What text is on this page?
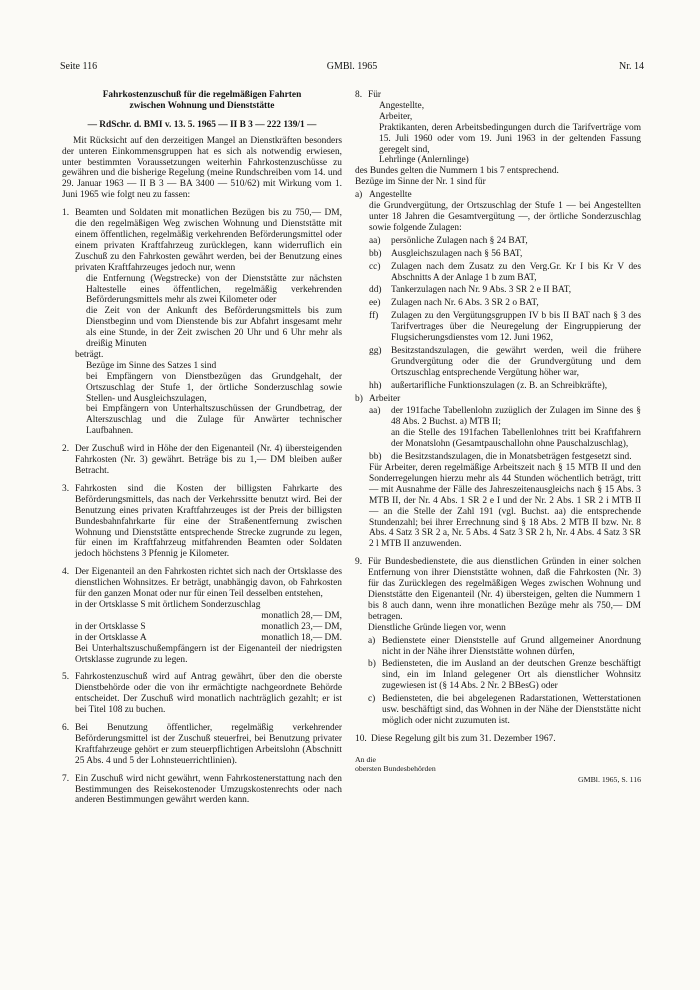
Seite 116	GMBl. 1965	Nr. 14
Fahrkostenzuschuß für die regelmäßigen Fahrten
zwischen Wohnung und Dienststätte
— RdSchr. d. BMI v. 13. 5. 1965 — II B 3 — 222 139/1 —

Mit Rücksicht auf den derzeitigen Mangel an Dienstkräften besonders der unteren Einkommensgruppen hat es sich als notwendig erwiesen, unter bestimmten Voraussetzungen weiterhin Fahrkostenzuschüsse zu gewähren und die bisherige Regelung (meine Rundschreiben vom 14. und 29. Januar 1963 — II B 3 — BA 3400 — 510/62) mit Wirkung vom 1. Juni 1965 wie folgt neu zu fassen:

1. Beamten und Soldaten mit monatlichen Bezügen bis zu 750,— DM, die den regelmäßigen Weg zwischen Wohnung und Dienststätte mit einem öffentlichen, regelmäßig verkehrenden Beförderungsmittel oder einem privaten Kraftfahrzeug zurücklegen, kann widerruflich ein Zuschuß zu den Fahrkosten gewährt werden, bei der Benutzung eines privaten Kraftfahrzeuges jedoch nur, wenn

die Entfernung (Wegstrecke) von der Dienststätte zur nächsten Haltestelle eines öffentlichen, regelmäßig verkehrenden Beförderungsmittels mehr als zwei Kilometer oder

die Zeit von der Ankunft des Beförderungsmittels bis zum Dienstbeginn und vom Dienstende bis zur Abfahrt insgesamt mehr als eine Stunde, in der Zeit zwischen 20 Uhr und 6 Uhr mehr als dreißig Minuten

beträgt.

Bezüge im Sinne des Satzes 1 sind

bei Empfängern von Dienstbezügen das Grundgehalt, der Ortszuschlag der Stufe 1, der örtliche Sonderzuschlag sowie Stellen- und Ausgleichszulagen,

bei Empfängern von Unterhaltszuschüssen der Grundbetrag, der Alterszuschlag und die Zulage für Anwärter technischer Laufbahnen.

2. Der Zuschuß wird in Höhe der den Eigenanteil (Nr. 4) übersteigenden Fahrkosten (Nr. 3) gewährt. Beträge bis zu 1,— DM bleiben außer Betracht.

3. Fahrkosten sind die Kosten der billigsten Fahrkarte des Beförderungsmittels, das nach der Verkehrssitte benutzt wird. Bei der Benutzung eines privaten Kraftfahrzeuges ist der Preis der billigsten Bundesbahnfahrkarte für eine der Straßenentfernung zwischen Wohnung und Dienststätte entsprechende Strecke zugrunde zu legen, für einen im Kraftfahrzeug mitfahrenden Beamten oder Soldaten jedoch höchstens 3 Pfennig je Kilometer.

4. Der Eigenanteil an den Fahrkosten richtet sich nach der Ortsklasse des dienstlichen Wohnsitzes. Er beträgt, unabhängig davon, ob Fahrkosten für den ganzen Monat oder nur für einen Teil desselben entstehen,

in der Ortsklasse S mit örtlichem Sonderzuschlag

monatlich 28,— DM,
in der Ortsklasse S	monatlich 23,— DM,
in der Ortsklasse A	monatlich 18,— DM.

Bei Unterhaltszuschußempfängern ist der Eigenanteil der niedrigsten Ortsklasse zugrunde zu legen.

5. Fahrkostenzuschuß wird auf Antrag gewährt, über den die oberste Dienstbehörde oder die von ihr ermächtigte nachgeordnete Behörde entscheidet. Der Zuschuß wird monatlich nachträglich gezahlt; er ist bei Titel 108 zu buchen.

6. Bei Benutzung öffentlicher, regelmäßig verkehrender Beförderungsmittel ist der Zuschuß steuerfrei, bei Benutzung privater Kraftfahrzeuge gehört er zum steuerpflichtigen Arbeitslohn (Abschnitt 25 Abs. 4 und 5 der Lohnsteuerrichtlinien).

7. Ein Zuschuß wird nicht gewährt, wenn Fahrkostenerstattung nach den Bestimmungen des Reisekostenoder Umzugskostenrechts oder nach anderen Bestimmungen gewährt werden kann.

8. Für

Angestellte,

Arbeiter,

Praktikanten, deren Arbeitsbedingungen durch die Tarifverträge vom 15. Juli 1960 oder vom 19. Juni 1963 in der geltenden Fassung geregelt sind,

Lehrlinge (Anlernlinge)

des Bundes gelten die Nummern 1 bis 7 entsprechend.

Bezüge im Sinne der Nr. 1 sind für

a) Angestellte

die Grundvergütung, der Ortszuschlag der Stufe 1 — bei Angestellten unter 18 Jahren die Gesamtvergütung —, der örtliche Sonderzuschlag sowie folgende Zulagen:

aa)	persönliche Zulagen nach § 24 BAT,

bb)	Ausgleichszulagen nach § 56 BAT,

cc)	Zulagen nach dem Zusatz zu den Verg.Gr. Kr I bis Kr V des Abschnitts A der Anlage 1 b zum BAT,

dd)	Tankerzulagen nach Nr. 9 Abs. 3 SR 2 e II BAT,

ee)	Zulagen nach Nr. 6 Abs. 3 SR 2 o BAT,

ff)	Zulagen zu den Vergütungsgruppen IV b bis II BAT nach § 3 des Tarifvertrages über die Neuregelung der Eingruppierung der Flugsicherungsdienstes vom 12. Juni 1962,

gg)	Besitzstandszulagen, die gewährt werden, weil die frühere Grundvergütung oder die der Grundvergütung und dem Ortszuschlag entsprechende Vergütung höher war,

hh)	außertarifliche Funktionszulagen (z. B. an Schreibkräfte),

b) Arbeiter

aa)	der 191fache Tabellenlohn zuzüglich der Zulagen im Sinne des § 48 Abs. 2 Buchst. a) MTB II;

an die Stelle des 191fachen Tabellenlohnes tritt bei Kraftfahrern der Monatslohn (Gesamtpauschallohn ohne Pauschalzuschlag),

bb)	die Besitzstandszulagen, die in Monatsbeträgen festgesetzt sind.

Für Arbeiter, deren regelmäßige Arbeitszeit nach § 15 MTB II und den Sonderregelungen hierzu mehr als 44 Stunden wöchentlich beträgt, tritt — mit Ausnahme der Fälle des Jahreszeitenausgleichs nach § 15 Abs. 3 MTB II, der Nr. 4 Abs. 1 SR 2 e I und der Nr. 2 Abs. 1 SR 2 i MTB II — an die Stelle der Zahl 191 (vgl. Buchst. aa) die entsprechende Stundenzahl; bei ihrer Errechnung sind § 18 Abs. 2 MTB II bzw. Nr. 8 Abs. 4 Satz 3 SR 2 a, Nr. 5 Abs. 4 Satz 3 SR 2 h, Nr. 4 Abs. 4 Satz 3 SR 2 l MTB II anzuwenden.

9. Für Bundesbedienstete, die aus dienstlichen Gründen in einer solchen Entfernung von ihrer Dienststätte wohnen, daß die Fahrkosten (Nr. 3) für das Zurücklegen des regelmäßigen Weges zwischen Wohnung und Dienststätte den Eigenanteil (Nr. 4) übersteigen, gelten die Nummern 1 bis 8 auch dann, wenn ihre monatlichen Bezüge mehr als 750,— DM betragen.

Dienstliche Gründe liegen vor, wenn

a) Bedienstete einer Dienststelle auf Grund allgemeiner Anordnung nicht in der Nähe ihrer Dienststätte wohnen dürfen,

b) Bediensteten, die im Ausland an der deutschen Grenze beschäftigt sind, ein im Inland gelegener Ort als dienstlicher Wohnsitz zugewiesen ist (§ 14 Abs. 2 Nr. 2 BBesG) oder

c) Bediensteten, die bei abgelegenen Radarstationen, Wetterstationen usw. beschäftigt sind, das Wohnen in der Nähe der Dienststätte nicht möglich oder nicht zuzumuten ist.

10. Diese Regelung gilt bis zum 31. Dezember 1967.

An die
obersten Bundesbehörden
GMBl. 1965, S. 116
